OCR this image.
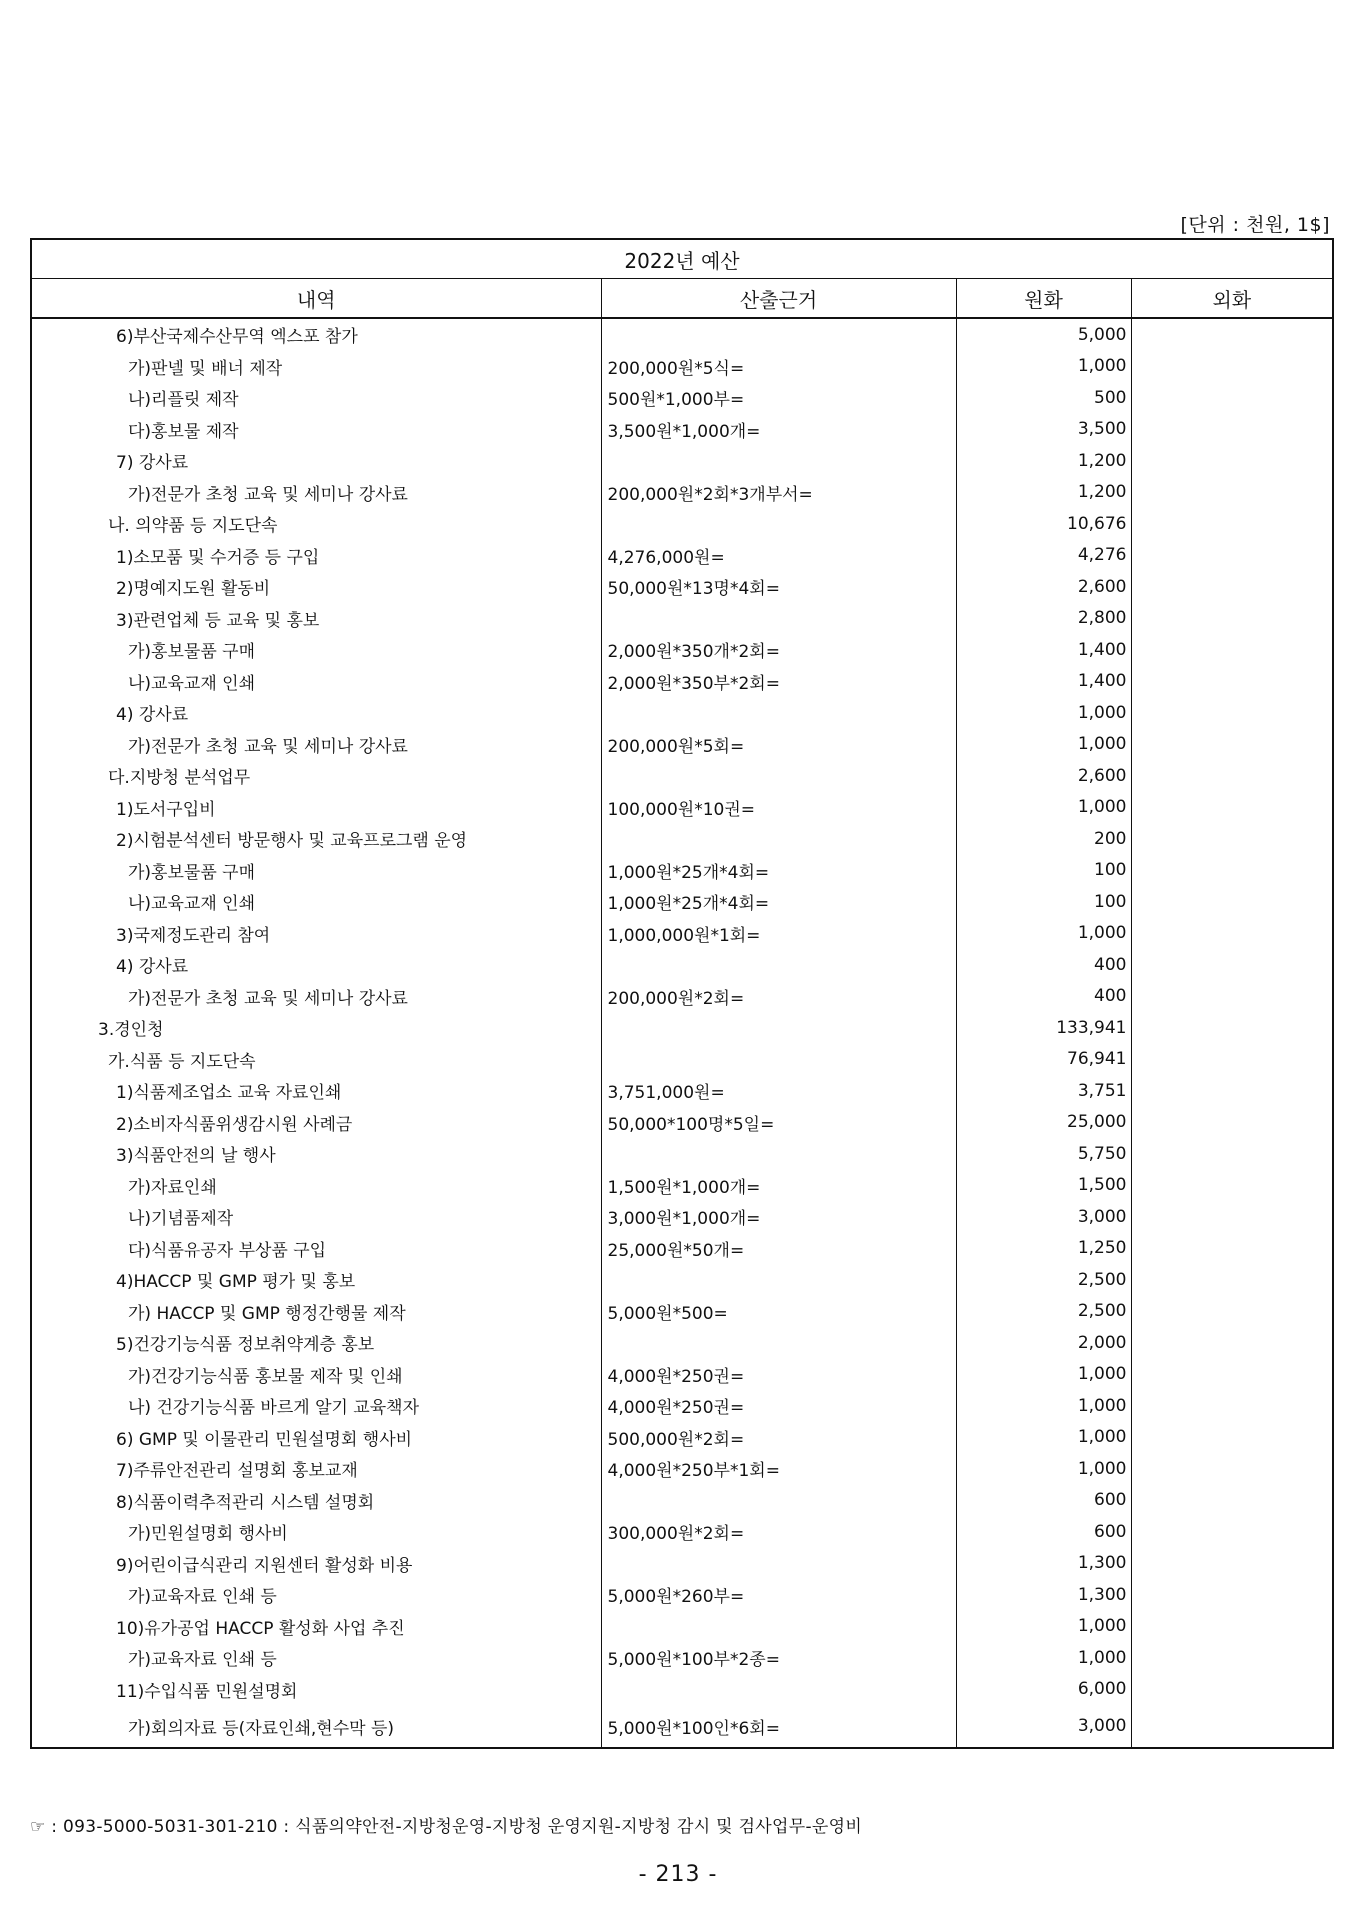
[단위 : 천원, 1$]
2022년 예산			
내역	산출근거	원화	외화
6)부산국제수산무역 엑스포 참가		5,000	
가)판넬 및 배너 제작	200,000원*5식=	1,000	
나)리플릿 제작	500원*1,000부=	500	
다)홍보물 제작	3,500원*1,000개=	3,500	
7) 강사료		1,200	
가)전문가 초청 교육 및 세미나 강사료	200,000원*2회*3개부서=	1,200	
나. 의약품 등 지도단속		10,676	
1)소모품 및 수거증 등 구입	4,276,000원=	4,276	
2)명예지도원 활동비	50,000원*13명*4회=	2,600	
3)관련업체 등 교육 및 홍보		2,800	
가)홍보물품 구매	2,000원*350개*2회=	1,400	
나)교육교재 인쇄	2,000원*350부*2회=	1,400	
4) 강사료		1,000	
가)전문가 초청 교육 및 세미나 강사료	200,000원*5회=	1,000	
다.지방청 분석업무		2,600	
1)도서구입비	100,000원*10권=	1,000	
2)시험분석센터 방문행사 및 교육프로그램 운영		200	
가)홍보물품 구매	1,000원*25개*4회=	100	
나)교육교재 인쇄	1,000원*25개*4회=	100	
3)국제정도관리 참여	1,000,000원*1회=	1,000	
4) 강사료		400	
가)전문가 초청 교육 및 세미나 강사료	200,000원*2회=	400	
3.경인청		133,941	
가.식품 등 지도단속		76,941	
1)식품제조업소 교육 자료인쇄	3,751,000원=	3,751	
2)소비자식품위생감시원 사례금	50,000*100명*5일=	25,000	
3)식품안전의 날 행사		5,750	
가)자료인쇄	1,500원*1,000개=	1,500	
나)기념품제작	3,000원*1,000개=	3,000	
다)식품유공자 부상품 구입	25,000원*50개=	1,250	
4)HACCP 및 GMP 평가 및 홍보		2,500	
가) HACCP 및 GMP 행정간행물 제작	5,000원*500=	2,500	
5)건강기능식품 정보취약계층 홍보		2,000	
가)건강기능식품 홍보물 제작 및 인쇄	4,000원*250권=	1,000	
나) 건강기능식품 바르게 알기 교육책자	4,000원*250권=	1,000	
6) GMP 및 이물관리 민원설명회 행사비	500,000원*2회=	1,000	
7)주류안전관리 설명회 홍보교재	4,000원*250부*1회=	1,000	
8)식품이력추적관리 시스템 설명회		600	
가)민원설명회 행사비	300,000원*2회=	600	
9)어린이급식관리 지원센터 활성화 비용		1,300	
가)교육자료 인쇄 등	5,000원*260부=	1,300	
10)유가공업 HACCP 활성화 사업 추진		1,000	
가)교육자료 인쇄 등	5,000원*100부*2종=	1,000	
11)수입식품 민원설명회		6,000	
가)회의자료 등(자료인쇄,현수막 등)	5,000원*100인*6회=	3,000	
☞ : 093-5000-5031-301-210 : 식품의약안전-지방청운영-지방청 운영지원-지방청 감시 및 검사업무-운영비
- 213 -
